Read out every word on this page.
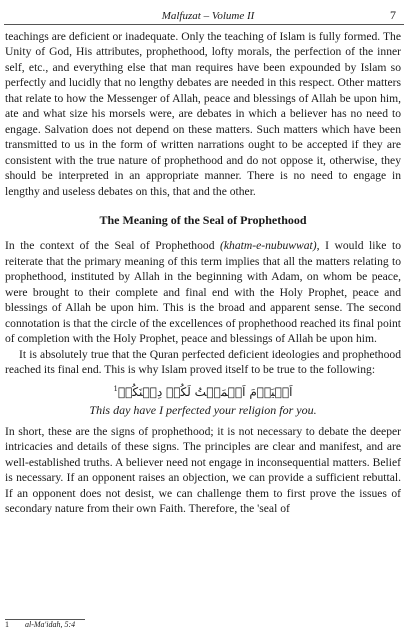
Malfuzat – Volume II	7

teachings are deficient or inadequate. Only the teaching of Islam is fully formed. The Unity of God, His attributes, prophethood, lofty morals, the perfection of the inner self, etc., and everything else that man requires have been expounded by Islam so perfectly and lucidly that no lengthy debates are needed in this respect. Other matters that relate to how the Messenger of Allah, peace and blessings of Allah be upon him, ate and what size his morsels were, are debates in which a believer has no need to engage. Salvation does not depend on these matters. Such matters which have been transmitted to us in the form of written narrations ought to be accepted if they are consistent with the true nature of prophethood and do not oppose it, otherwise, they should be interpreted in an appropriate manner. There is no need to engage in lengthy and useless debates on this, that and the other.

The Meaning of the Seal of Prophethood

In the context of the Seal of Prophethood (khatm-e-nubuwwat), I would like to reiterate that the primary meaning of this term implies that all the matters relating to prophethood, instituted by Allah in the beginning with Adam, on whom be peace, were brought to their complete and final end with the Holy Prophet, peace and blessings of Allah be upon him. This is the broad and apparent sense. The second connotation is that the circle of the excellences of prophethood reached its final point of completion with the Holy Prophet, peace and blessings of Allah be upon him.

It is absolutely true that the Quran perfected deficient ideologies and prophethood reached its final end. This is why Islam proved itself to be true to the following:

اَلۡیَوۡمَ اَکۡمَلۡتُ لَکُمۡ دِیۡنَکُمۡ$^1$
This day have I perfected your religion for you.

In short, these are the signs of prophethood; it is not necessary to debate the deeper intricacies and details of these signs. The principles are clear and manifest, and are well-established truths. A believer need not engage in inconsequential matters. Belief is necessary. If an opponent raises an objection, we can provide a sufficient rebuttal. If an opponent does not desist, we can challenge them to first prove the issues of secondary nature from their own Faith. Therefore, the 'seal of

1 al-Ma'idah, 5:4
